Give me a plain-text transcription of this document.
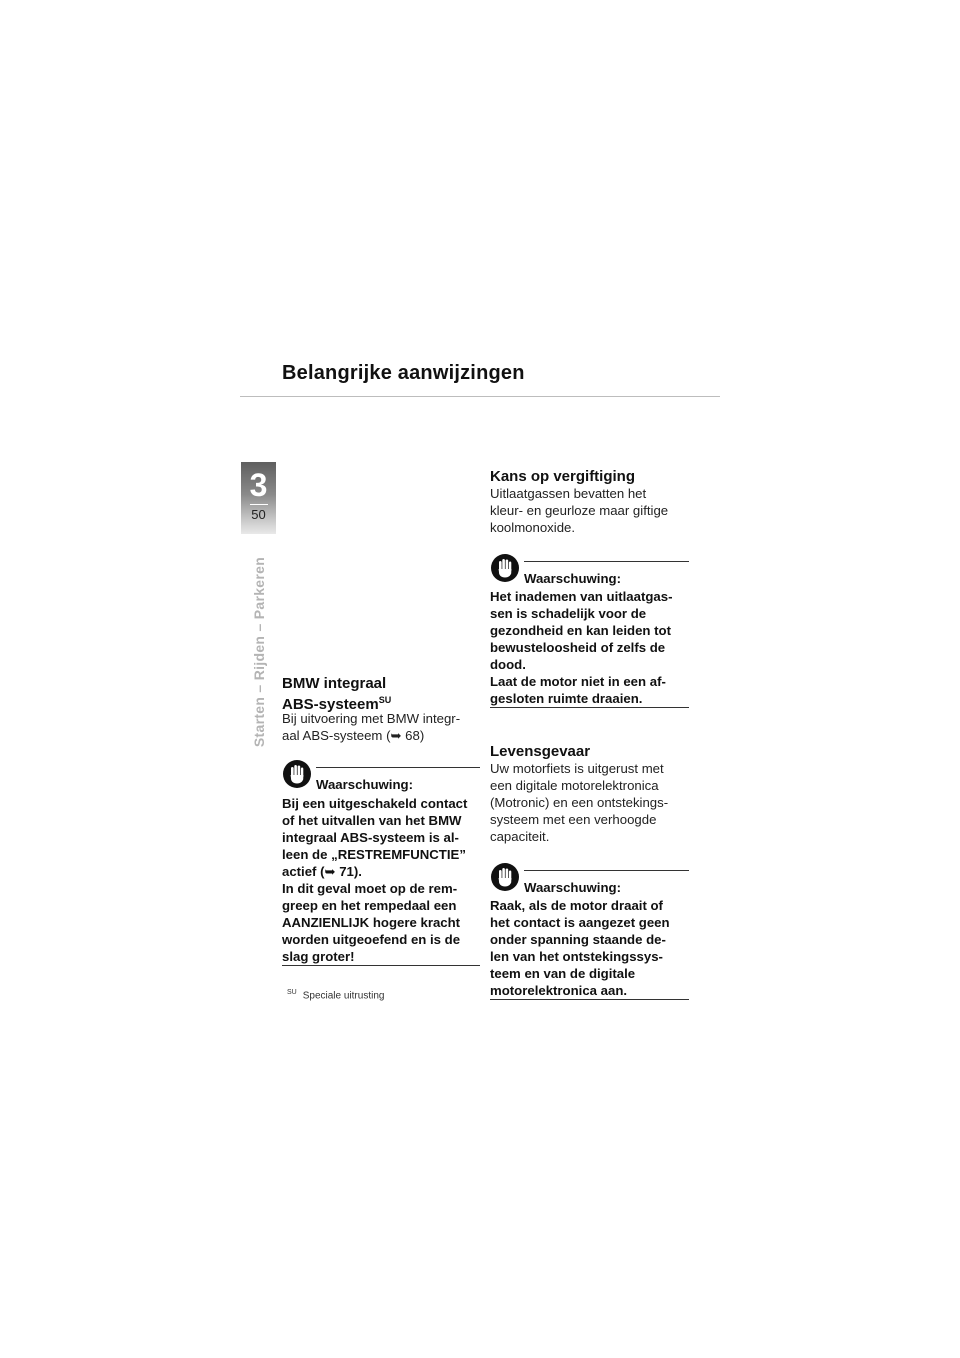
Belangrijke aanwijzingen
3
50
Starten – Rijden – Parkeren BMW integraal
ABS-systeem$^{SU}$
Bij uitvoering met BMW integr-
aal ABS-systeem (➥ 68)
Waarschuwing:
Bij een uitgeschakeld contact
of het uitvallen van het BMW
integraal ABS-systeem is al-
leen de „RESTREMFUNCTIE”
actief (➥ 71).
In dit geval moet op de rem-
greep en het rempedaal een
AANZIENLIJK hogere kracht
worden uitgeoefend en is de
slag groter!
$^{SU}$ Speciale uitrusting
Kans op vergiftiging
Uitlaatgassen bevatten het
kleur- en geurloze maar giftige
koolmonoxide.
Waarschuwing:
Het inademen van uitlaatgas-
sen is schadelijk voor de
gezondheid en kan leiden tot
bewusteloosheid of zelfs de
dood.
Laat de motor niet in een af-
gesloten ruimte draaien.
Levensgevaar
Uw motorfiets is uitgerust met
een digitale motorelektronica
(Motronic) en een ontstekings-
systeem met een verhoogde
capaciteit.
Waarschuwing:
Raak, als de motor draait of
het contact is aangezet geen
onder spanning staande de-
len van het ontstekingssys-
teem en van de digitale
motorelektronica aan.
